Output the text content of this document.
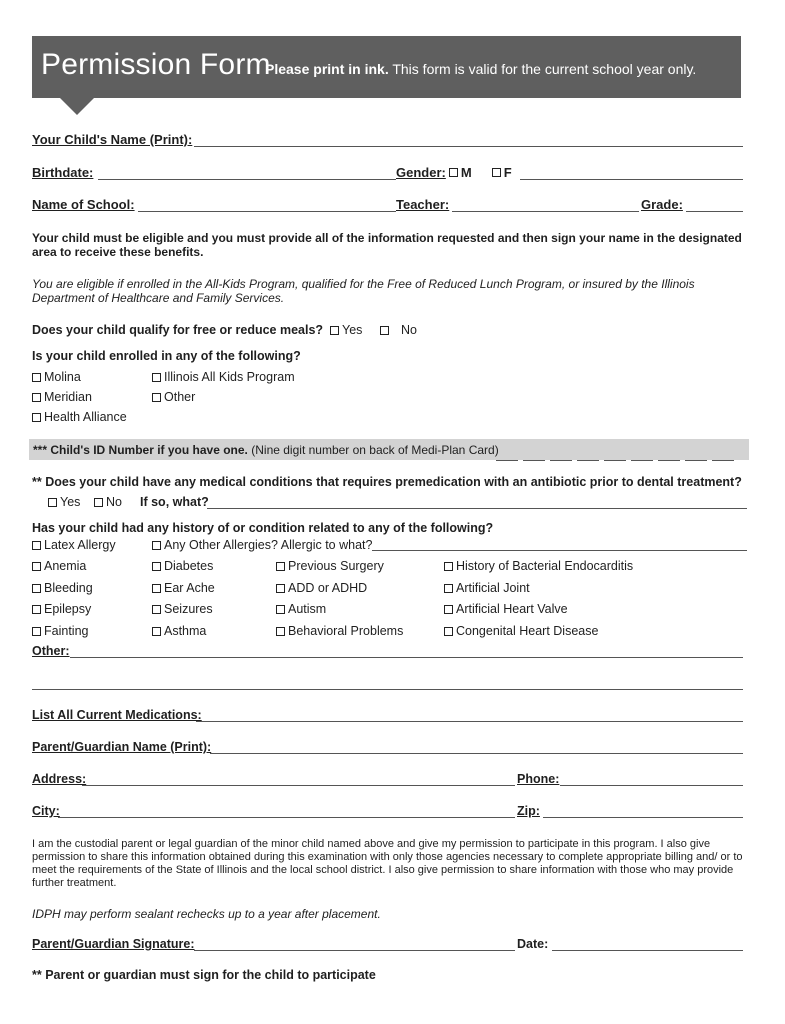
Permission Form
Please print in ink. This form is valid for the current school year only.
Your Child's Name (Print):
Birthdate:	Gender: M F
Name of School:	Teacher:	Grade:
Your child must be eligible and you must provide all of the information requested and then sign your name in the designated area to receive these benefits.
You are eligible if enrolled in the All-Kids Program, qualified for the Free of Reduced Lunch Program, or insured by the Illinois Department of Healthcare and Family Services.
Does your child qualify for free or reduce meals? Yes	No
Is your child enrolled in any of the following?
Molina	Illinois All Kids Program
Meridian	Other
Health Alliance
*** Child's ID Number if you have one. (Nine digit number on back of Medi-Plan Card)
** Does your child have any medical conditions that requires premedication with an antibiotic prior to dental treatment?
Yes No If so, what?
Has your child had any history of or condition related to any of the following?
Latex Allergy	Any Other Allergies? Allergic to what?
Anemia	Diabetes	Previous Surgery	History of Bacterial Endocarditis
Bleeding	Ear Ache	ADD or ADHD	Artificial Joint
Epilepsy	Seizures	Autism	Artificial Heart Valve
Fainting	Asthma	Behavioral Problems	Congenital Heart Disease
Other:
List All Current Medications:
Parent/Guardian Name (Print):
Address:	Phone:
City:	Zip:
I am the custodial parent or legal guardian of the minor child named above and give my permission to participate in this program. I also give permission to share this information obtained during this examination with only those agencies necessary to complete appropriate billing and/ or to meet the requirements of the State of Illinois and the local school district. I also give permission to share information with those who may provide further treatment.
IDPH may perform sealant rechecks up to a year after placement.
Parent/Guardian Signature:	Date:
** Parent or guardian must sign for the child to participate
